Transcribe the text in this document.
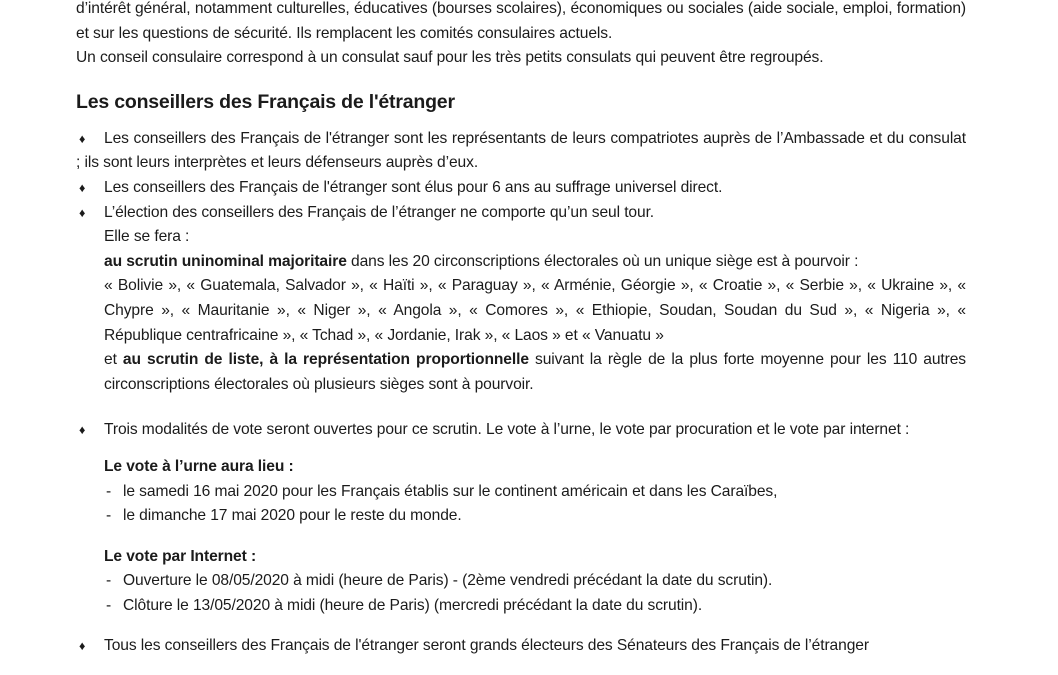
d’intérêt général, notamment culturelles, éducatives (bourses scolaires), économiques ou sociales (aide sociale, emploi, formation) et sur les questions de sécurité. Ils remplacent les comités consulaires actuels.
Un conseil consulaire correspond à un consulat sauf pour les très petits consulats qui peuvent être regroupés.
Les conseillers des Français de l'étranger
♦ Les conseillers des Français de l'étranger sont les représentants de leurs compatriotes auprès de l’Ambassade et du consulat ; ils sont leurs interprètes et leurs défenseurs auprès d’eux.
♦ Les conseillers des Français de l'étranger sont élus pour 6 ans au suffrage universel direct.
♦ L’élection des conseillers des Français de l’étranger ne comporte qu’un seul tour.
Elle se fera :
au scrutin uninominal majoritaire dans les 20 circonscriptions électorales où un unique siège est à pourvoir :
« Bolivie », « Guatemala, Salvador », « Haïti », « Paraguay », « Arménie, Géorgie », « Croatie », « Serbie », « Ukraine », « Chypre », « Mauritanie », « Niger », « Angola », « Comores », « Ethiopie, Soudan, Soudan du Sud », « Nigeria », « République centrafricaine », « Tchad », « Jordanie, Irak », « Laos » et « Vanuatu »
et au scrutin de liste, à la représentation proportionnelle suivant la règle de la plus forte moyenne pour les 110 autres circonscriptions électorales où plusieurs sièges sont à pourvoir.
♦ Trois modalités de vote seront ouvertes pour ce scrutin. Le vote à l’urne, le vote par procuration et le vote par internet :
Le vote à l’urne aura lieu :
- le samedi 16 mai 2020 pour les Français établis sur le continent américain et dans les Caraïbes,
- le dimanche 17 mai 2020 pour le reste du monde.
Le vote par Internet :
- Ouverture le 08/05/2020 à midi (heure de Paris) - (2ème vendredi précédant la date du scrutin).
- Clôture le 13/05/2020 à midi (heure de Paris) (mercredi précédant la date du scrutin).
♦ Tous les conseillers des Français de l'étranger seront grands électeurs des Sénateurs des Français de l’étranger
